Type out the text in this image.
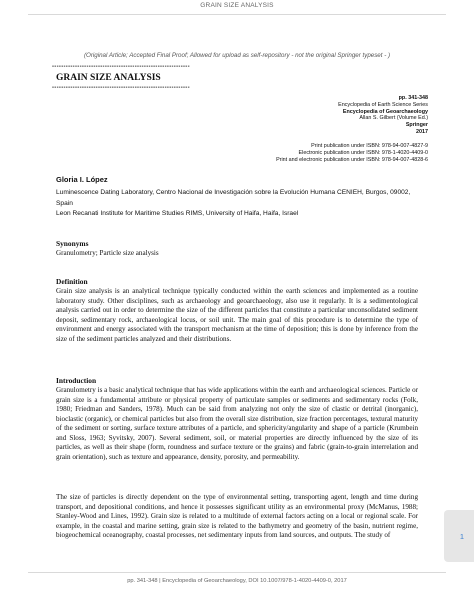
GRAIN SIZE ANALYSIS
(Original Article; Accepted Final Proof; Allowed for upload as self-repository - not the original Springer typeset - )
------------------------------------------------------------
GRAIN SIZE ANALYSIS
------------------------------------------------------------
pp. 341-348
Encyclopedia of Earth Science Series
Encyclopedia of Geoarchaeology
Allan S. Gilbert (Volume Ed.)
Springer
2017
Print publication under ISBN: 978-94-007-4827-9
Electronic publication under ISBN: 978-1-4020-4409-0
Print and electronic publication under ISBN: 978-94-007-4828-6
Gloria I. López
Luminescence Dating Laboratory, Centro Nacional de Investigación sobre la Evolución Humana CENIEH, Burgos, 09002, Spain
Leon Recanati Institute for Maritime Studies RIMS, University of Haifa, Haifa, Israel
Synonyms
Granulometry; Particle size analysis
Definition
Grain size analysis is an analytical technique typically conducted within the earth sciences and implemented as a routine laboratory study. Other disciplines, such as archaeology and geoarchaeology, also use it regularly. It is a sedimentological analysis carried out in order to determine the size of the different particles that constitute a particular unconsolidated sediment deposit, sedimentary rock, archaeological locus, or soil unit. The main goal of this procedure is to determine the type of environment and energy associated with the transport mechanism at the time of deposition; this is done by inference from the size of the sediment particles analyzed and their distributions.
Introduction
Granulometry is a basic analytical technique that has wide applications within the earth and archaeological sciences. Particle or grain size is a fundamental attribute or physical property of particulate samples or sediments and sedimentary rocks (Folk, 1980; Friedman and Sanders, 1978). Much can be said from analyzing not only the size of clastic or detrital (inorganic), bioclastic (organic), or chemical particles but also from the overall size distribution, size fraction percentages, textural maturity of the sediment or sorting, surface texture attributes of a particle, and sphericity/angularity and shape of a particle (Krumbein and Sloss, 1963; Syvitsky, 2007). Several sediment, soil, or material properties are directly influenced by the size of its particles, as well as their shape (form, roundness and surface texture or the grains) and fabric (grain-to-grain interrelation and grain orientation), such as texture and appearance, density, porosity, and permeability.
The size of particles is directly dependent on the type of environmental setting, transporting agent, length and time during transport, and depositional conditions, and hence it possesses significant utility as an environmental proxy (McManus, 1988; Stanley-Wood and Lines, 1992). Grain size is related to a multitude of external factors acting on a local or regional scale. For example, in the coastal and marine setting, grain size is related to the bathymetry and geometry of the basin, nutrient regime, biogeochemical oceanography, coastal processes, net sedimentary inputs from land sources, and outputs. The study of	1
pp. 341-348 | Encyclopedia of Geoarchaeology, DOI 10.1007/978-1-4020-4409-0, 2017
